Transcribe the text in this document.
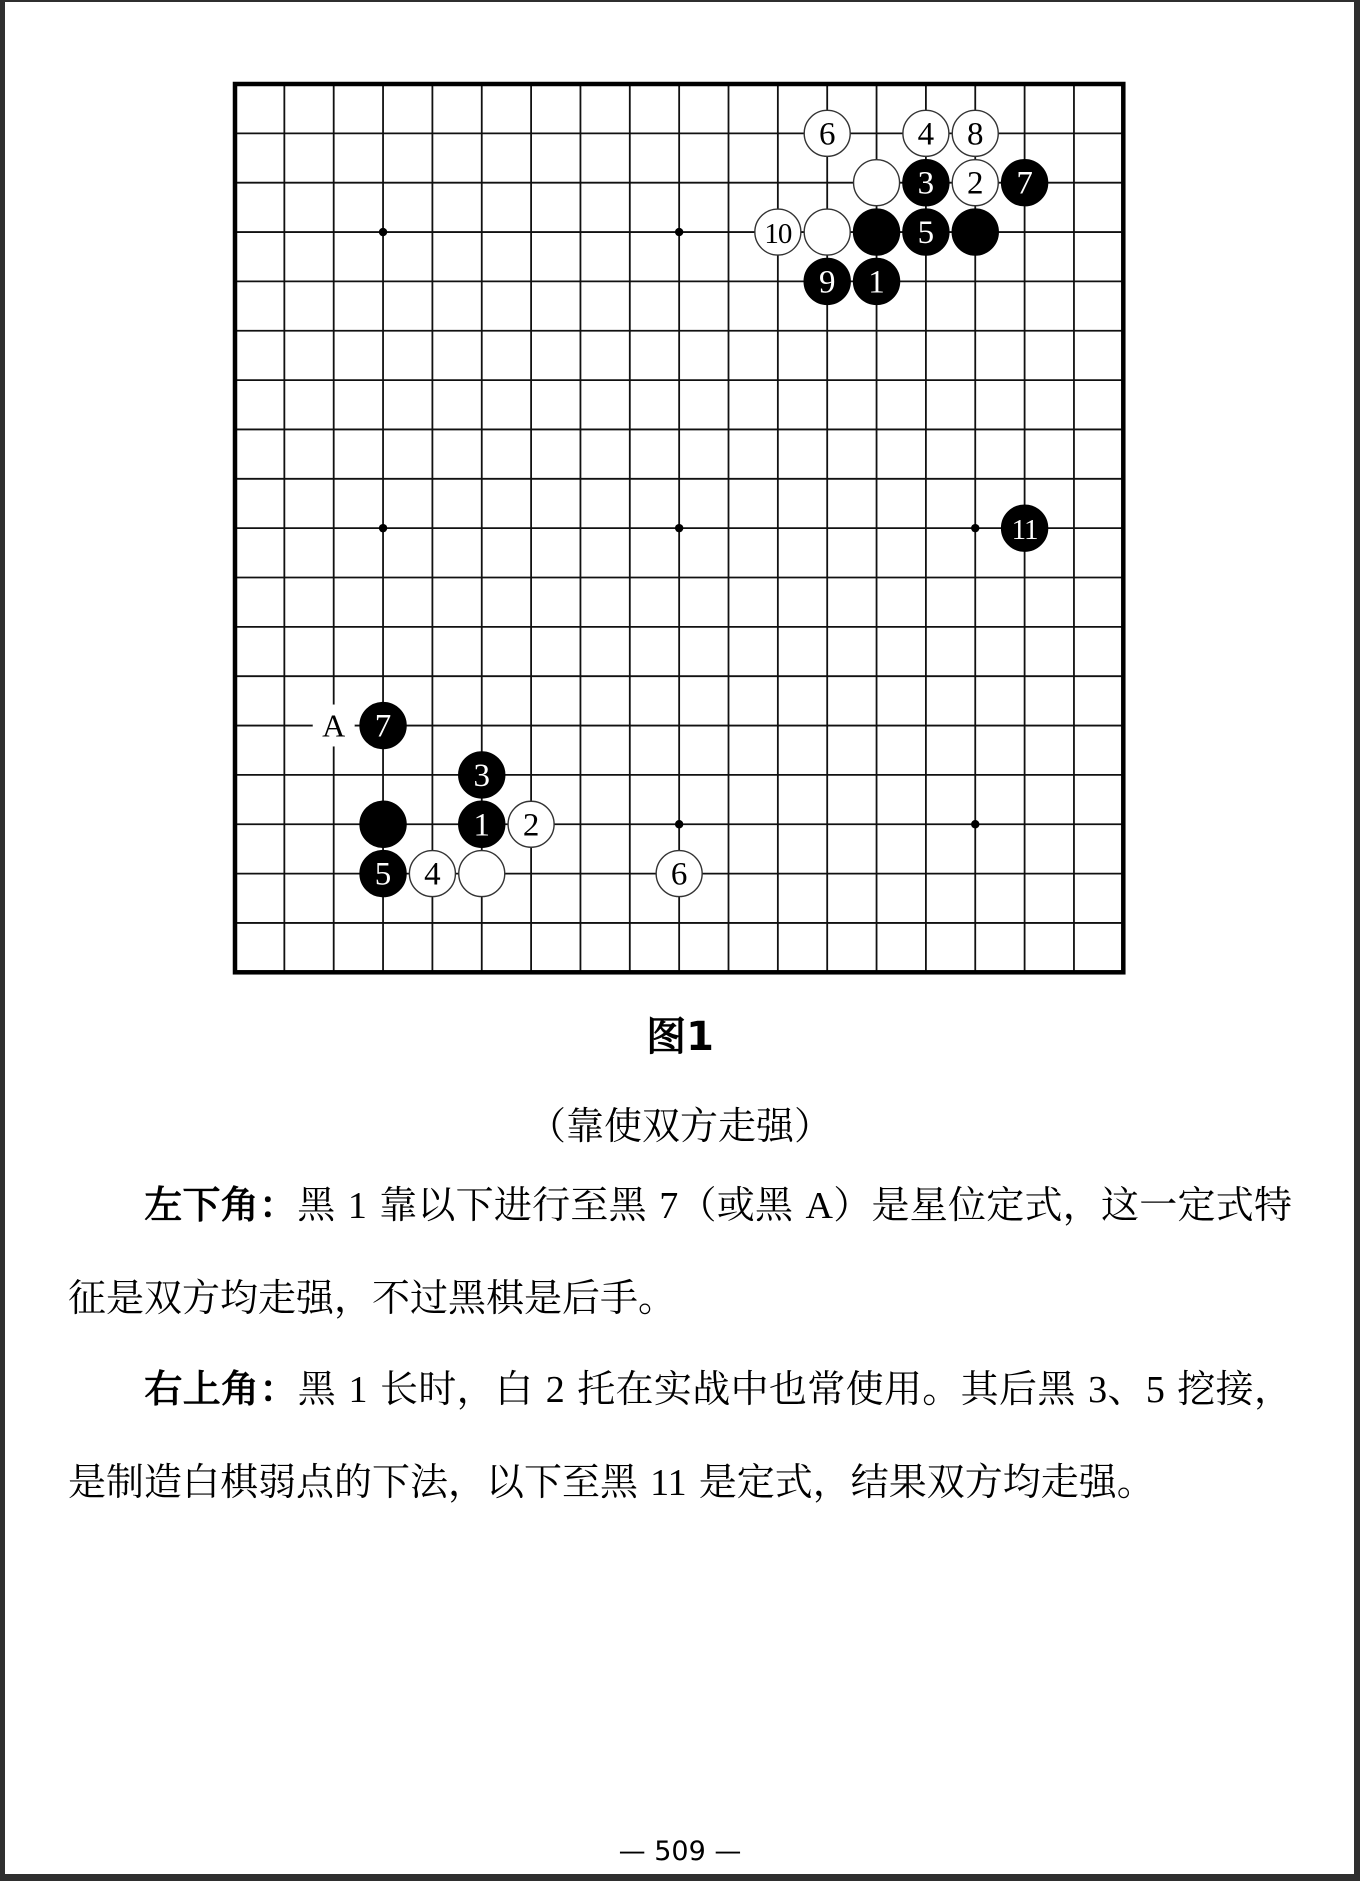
A 7
3
1 2
5 4	6
6 4 8
3 2 7
10	5
9 1
11
图1
（靠使双方走强）
左下角：黑 1 靠以下进行至黑 7（或黑 A）是星位定式，这一定式特征是双方均走强，不过黑棋是后手。
右上角：黑 1 长时，白 2 托在实战中也常使用。其后黑 3、5 挖接，是制造白棋弱点的下法，以下至黑 11 是定式，结果双方均走强。
— 509 —
